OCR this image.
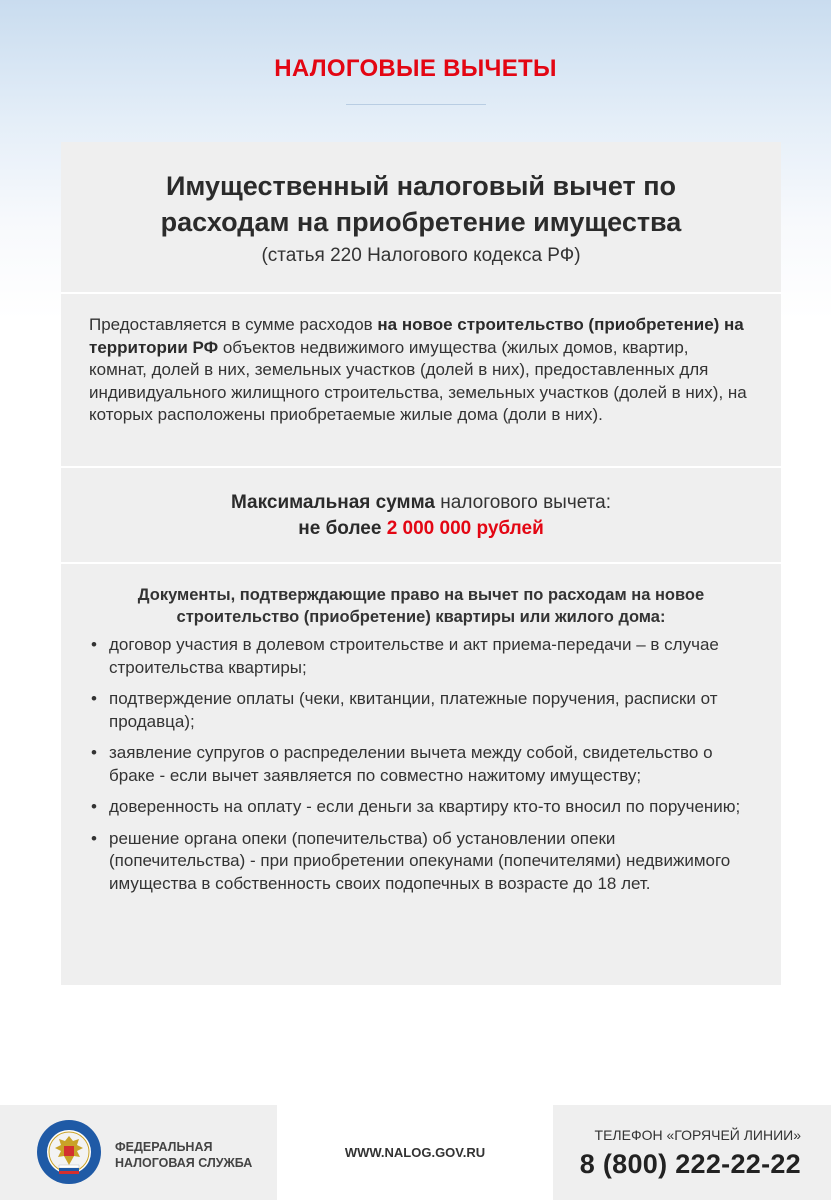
НАЛОГОВЫЕ ВЫЧЕТЫ
Имущественный налоговый вычет по
расходам на приобретение имущества
(статья 220 Налогового кодекса РФ)
Предоставляется в сумме расходов на новое строительство (приобретение) на территории РФ объектов недвижимого имущества (жилых домов, квартир, комнат, долей в них, земельных участков (долей в них), предоставленных для индивидуального жилищного строительства, земельных участков (долей в них), на которых расположены приобретаемые жилые дома (доли в них).
Максимальная сумма налогового вычета:
не более 2 000 000 рублей
Документы, подтверждающие право на вычет по расходам на новое строительство (приобретение) квартиры или жилого дома:
• договор участия в долевом строительстве и акт приема-передачи – в случае строительства квартиры;
• подтверждение оплаты (чеки, квитанции, платежные поручения, расписки от продавца);
• заявление супругов о распределении вычета между собой, свидетельство о браке - если вычет заявляется по совместно нажитому имуществу;
• доверенность на оплату - если деньги за квартиру кто-то вносил по поручению;
• решение органа опеки (попечительства) об установлении опеки (попечительства) - при приобретении опекунами (попечителями) недвижимого имущества в собственность своих подопечных в возрасте до 18 лет.
ФЕДЕРАЛЬНАЯ
НАЛОГОВАЯ СЛУЖБА
WWW.NALOG.GOV.RU
ТЕЛЕФОН «ГОРЯЧЕЙ ЛИНИИ»
8 (800) 222-22-22
